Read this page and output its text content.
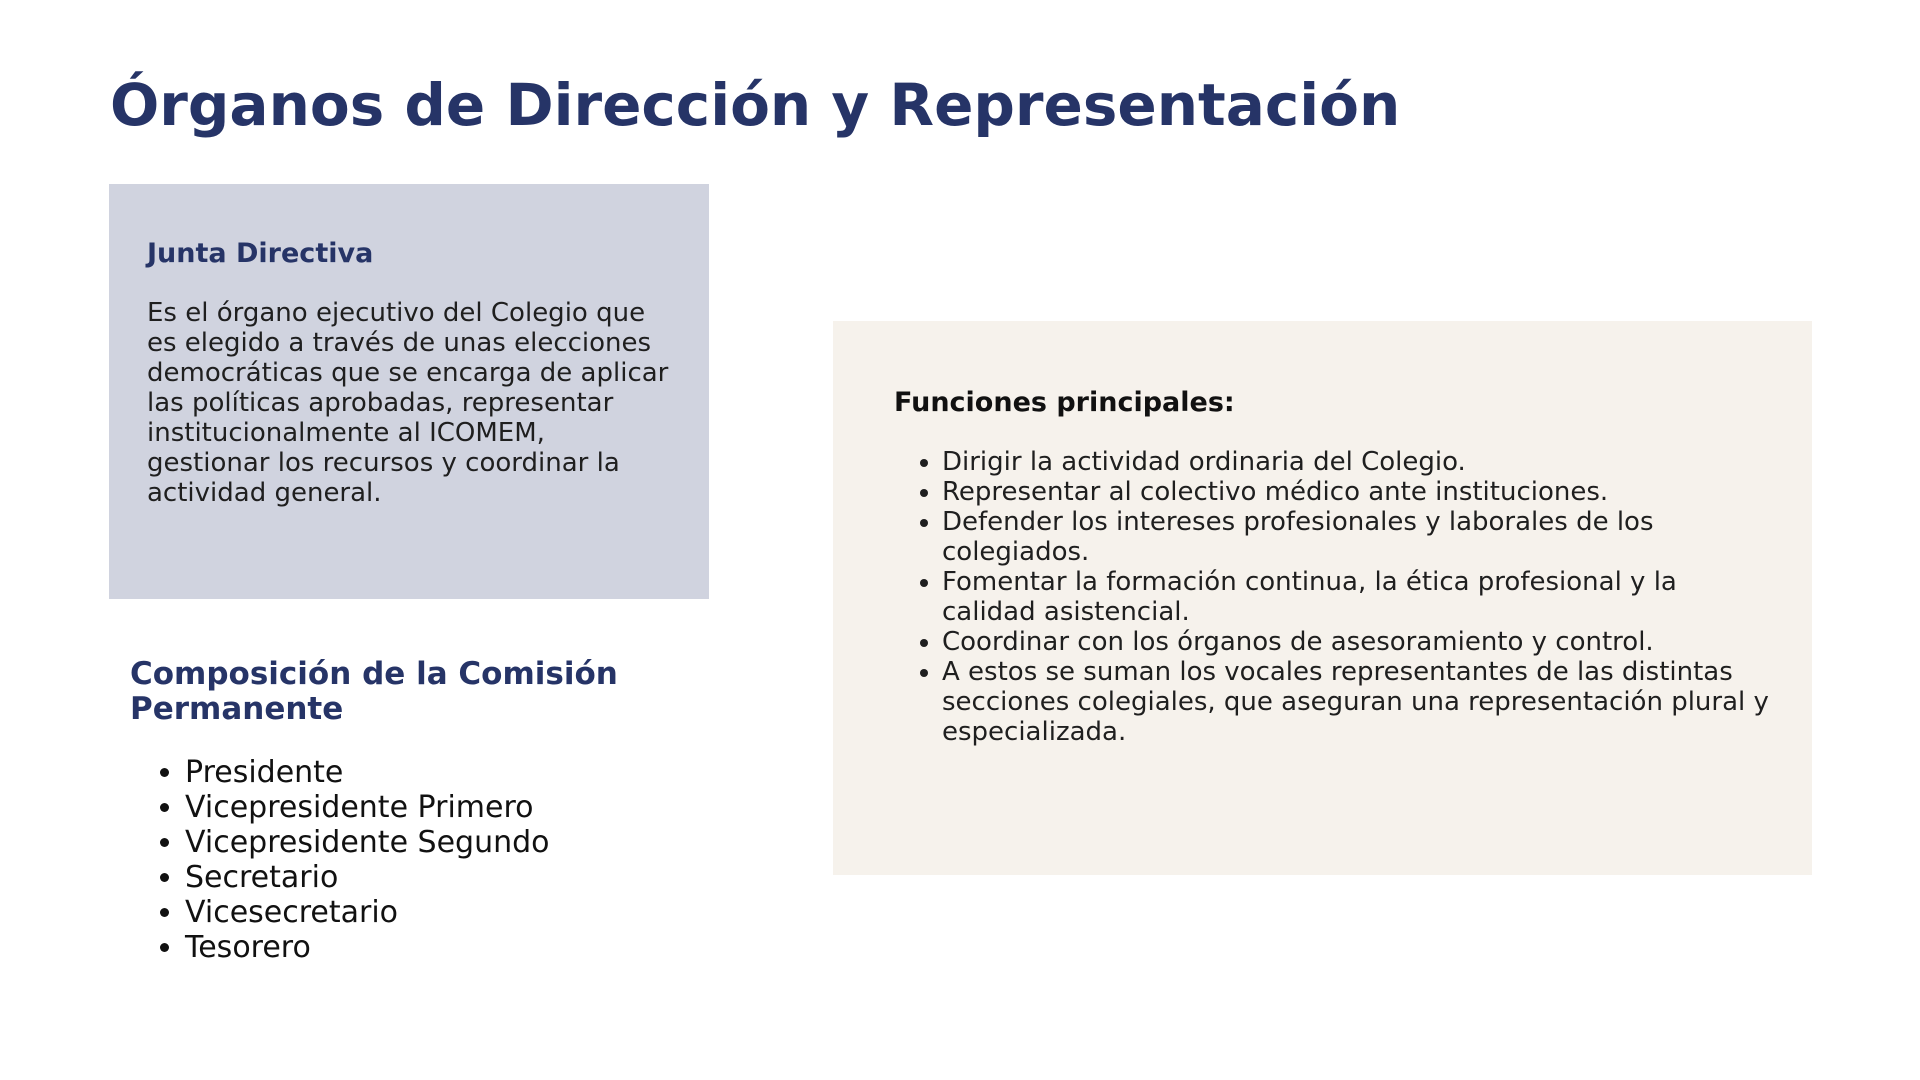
Órganos de Dirección y Representación
Junta Directiva

Es el órgano ejecutivo del Colegio que es elegido a través de unas elecciones democráticas que se encarga de aplicar las políticas aprobadas, representar institucionalmente al ICOMEM, gestionar los recursos y coordinar la actividad general.

Composición de la Comisión Permanente
• Presidente
• Vicepresidente Primero
• Vicepresidente Segundo
• Secretario
• Vicesecretario
• Tesorero
Funciones principales:
• Dirigir la actividad ordinaria del Colegio.
• Representar al colectivo médico ante instituciones.
• Defender los intereses profesionales y laborales de los colegiados.
• Fomentar la formación continua, la ética profesional y la calidad asistencial.
• Coordinar con los órganos de asesoramiento y control.
• A estos se suman los vocales representantes de las distintas secciones colegiales, que aseguran una representación plural y especializada.
